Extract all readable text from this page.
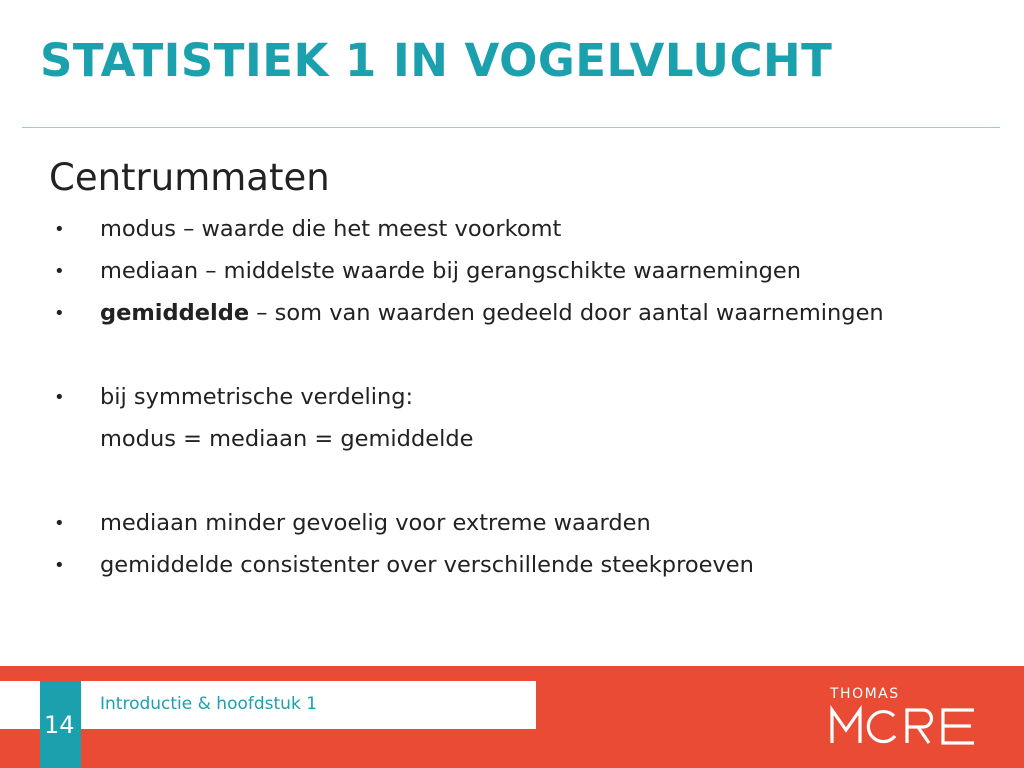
STATISTIEK 1 IN VOGELVLUCHT
Centrummaten
•	modus – waarde die het meest voorkomt
•	mediaan – middelste waarde bij gerangschikte waarnemingen
•	gemiddelde – som van waarden gedeeld door aantal waarnemingen
•	bij symmetrische verdeling:
modus = mediaan = gemiddelde
•	mediaan minder gevoelig voor extreme waarden
•	gemiddelde consistenter over verschillende steekproeven
14
Introductie & hoofdstuk 1	THOMAS
